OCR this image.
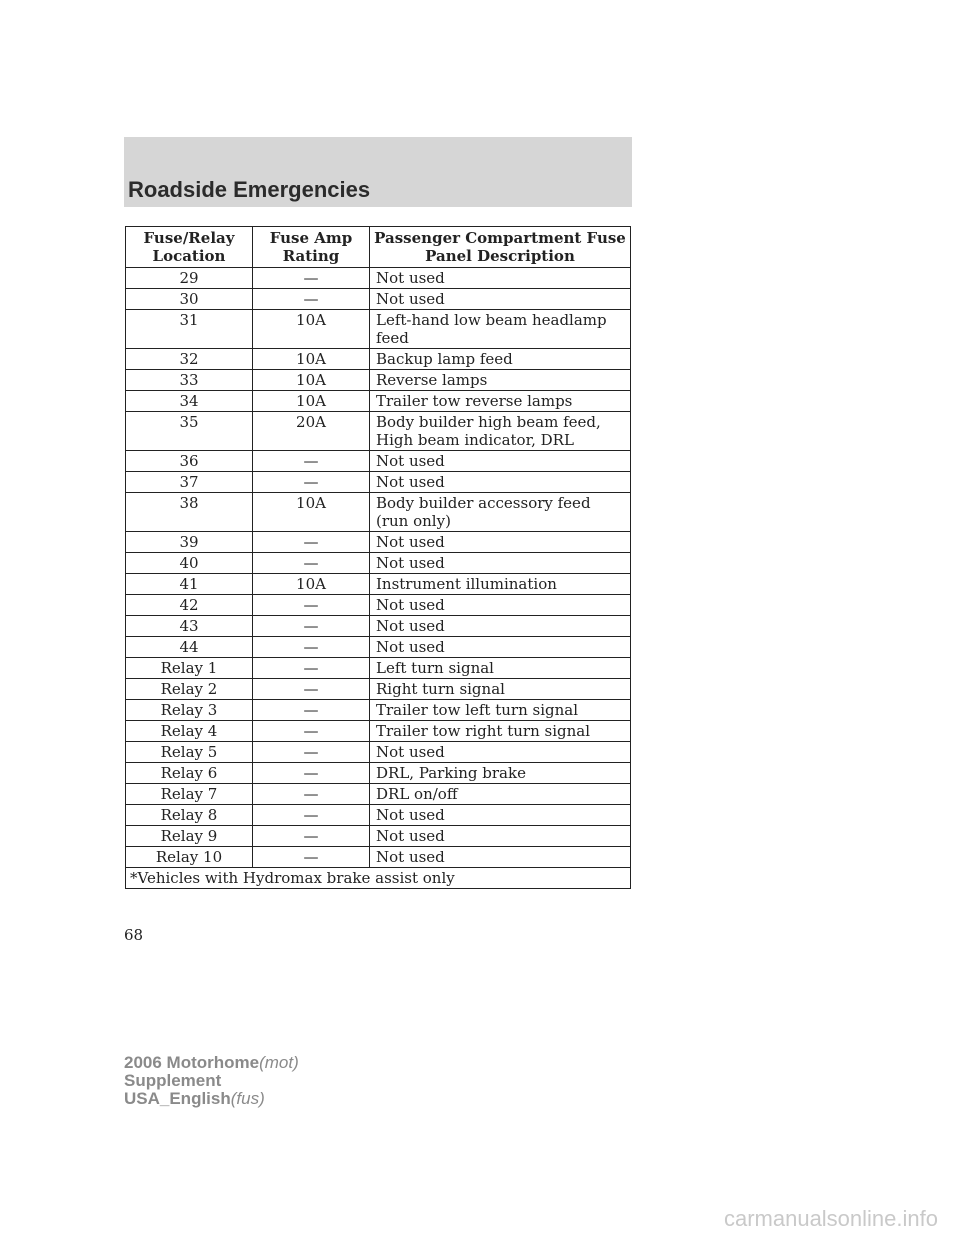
Roadside Emergencies
Fuse/Relay Location	Fuse Amp Rating	Passenger Compartment Fuse Panel Description
29	—	Not used
30	—	Not used
31	10A	Left-hand low beam headlamp feed
32	10A	Backup lamp feed
33	10A	Reverse lamps
34	10A	Trailer tow reverse lamps
35	20A	Body builder high beam feed, High beam indicator, DRL
36	—	Not used
37	—	Not used
38	10A	Body builder accessory feed (run only)
39	—	Not used
40	—	Not used
41	10A	Instrument illumination
42	—	Not used
43	—	Not used
44	—	Not used
Relay 1	—	Left turn signal
Relay 2	—	Right turn signal
Relay 3	—	Trailer tow left turn signal
Relay 4	—	Trailer tow right turn signal
Relay 5	—	Not used
Relay 6	—	DRL, Parking brake
Relay 7	—	DRL on/off
Relay 8	—	Not used
Relay 9	—	Not used
Relay 10	—	Not used
*Vehicles with Hydromax brake assist only		
68
2006 Motorhome(mot)
Supplement
USA_English(fus)
carmanualsonline.info
